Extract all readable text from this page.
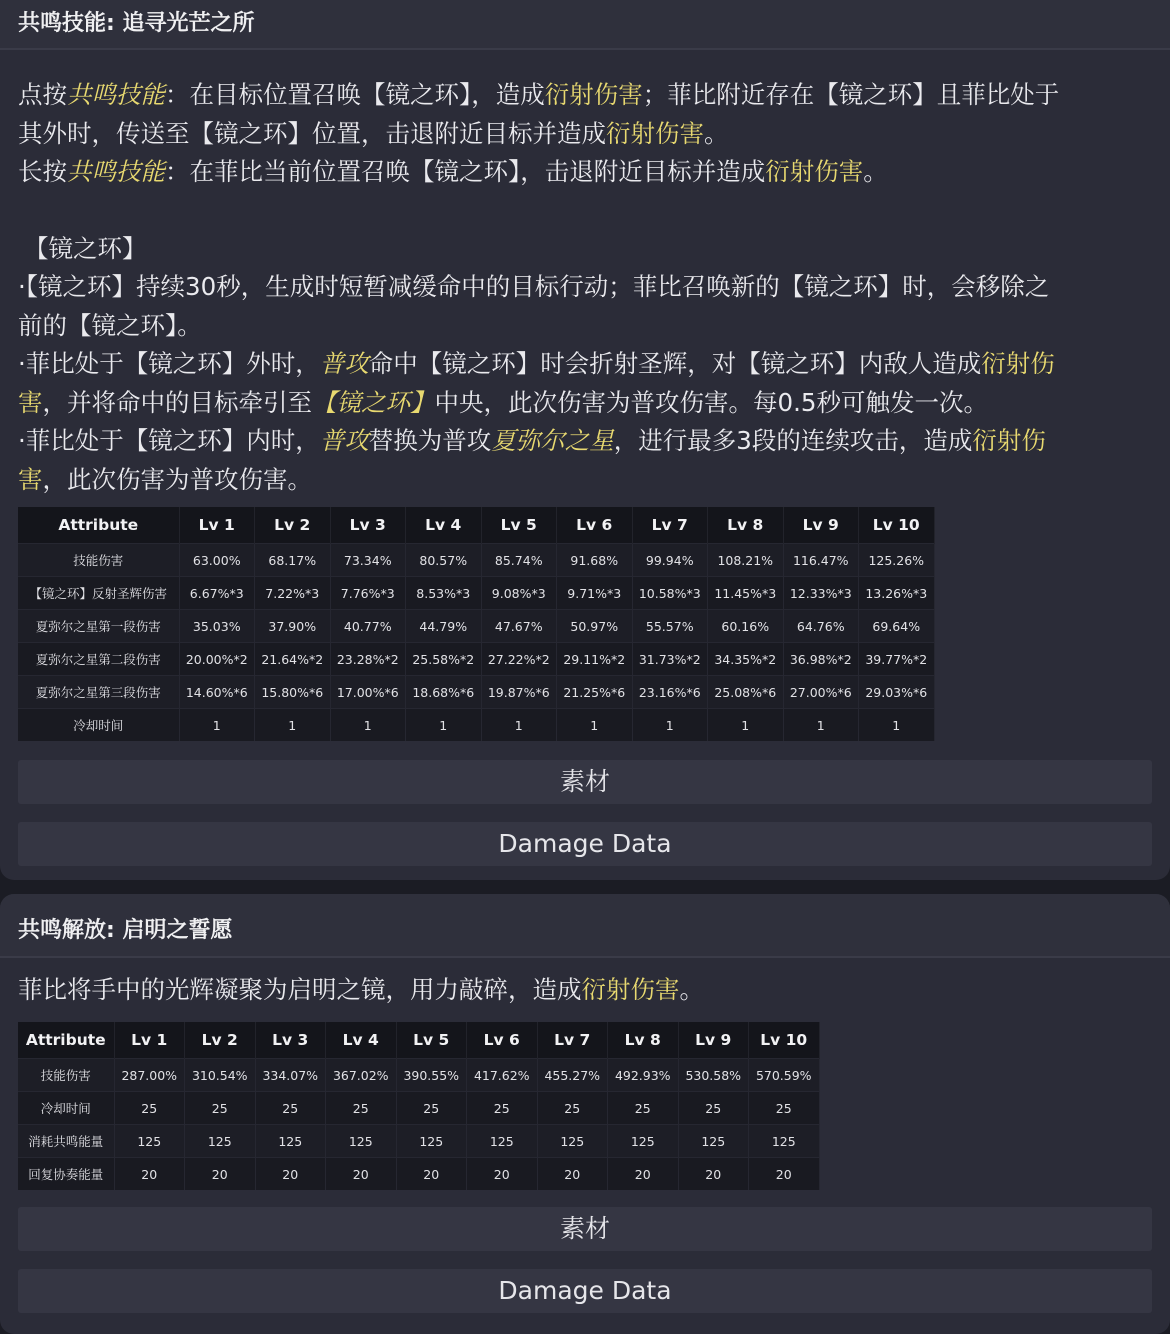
共鸣技能: 追寻光芒之所

点按共鸣技能：在目标位置召唤【镜之环】，造成衍射伤害；菲比附近存在【镜之环】且菲比处于

其外时，传送至【镜之环】位置，击退附近目标并造成衍射伤害。

长按共鸣技能：在菲比当前位置召唤【镜之环】，击退附近目标并造成衍射伤害。

【镜之环】

·【镜之环】持续30秒，生成时短暂减缓命中的目标行动；菲比召唤新的【镜之环】时，会移除之

前的【镜之环】。

·菲比处于【镜之环】外时，普攻命中【镜之环】时会折射圣辉，对【镜之环】内敌人造成衍射伤

害，并将命中的目标牵引至【镜之环】中央，此次伤害为普攻伤害。每0.5秒可触发一次。

·菲比处于【镜之环】内时，普攻替换为普攻夏弥尔之星，进行最多3段的连续攻击，造成衍射伤

害，此次伤害为普攻伤害。

Attribute	Lv 1	Lv 2	Lv 3	Lv 4	Lv 5	Lv 6	Lv 7	Lv 8	Lv 9	Lv 10
技能伤害	63.00%	68.17%	73.34%	80.57%	85.74%	91.68%	99.94%	108.21%	116.47%	125.26%
【镜之环】反射圣辉伤害	6.67%*3	7.22%*3	7.76%*3	8.53%*3	9.08%*3	9.71%*3	10.58%*3	11.45%*3	12.33%*3	13.26%*3
夏弥尔之星第一段伤害	35.03%	37.90%	40.77%	44.79%	47.67%	50.97%	55.57%	60.16%	64.76%	69.64%
夏弥尔之星第二段伤害	20.00%*2	21.64%*2	23.28%*2	25.58%*2	27.22%*2	29.11%*2	31.73%*2	34.35%*2	36.98%*2	39.77%*2
夏弥尔之星第三段伤害	14.60%*6	15.80%*6	17.00%*6	18.68%*6	19.87%*6	21.25%*6	23.16%*6	25.08%*6	27.00%*6	29.03%*6
冷却时间	1	1	1	1	1	1	1	1	1	1
素材
Damage Data
共鸣解放: 启明之誓愿

菲比将手中的光辉凝聚为启明之镜，用力敲碎，造成衍射伤害。

Attribute	Lv 1	Lv 2	Lv 3	Lv 4	Lv 5	Lv 6	Lv 7	Lv 8	Lv 9	Lv 10
技能伤害	287.00%	310.54%	334.07%	367.02%	390.55%	417.62%	455.27%	492.93%	530.58%	570.59%
冷却时间	25	25	25	25	25	25	25	25	25	25
消耗共鸣能量	125	125	125	125	125	125	125	125	125	125
回复协奏能量	20	20	20	20	20	20	20	20	20	20
素材
Damage Data
